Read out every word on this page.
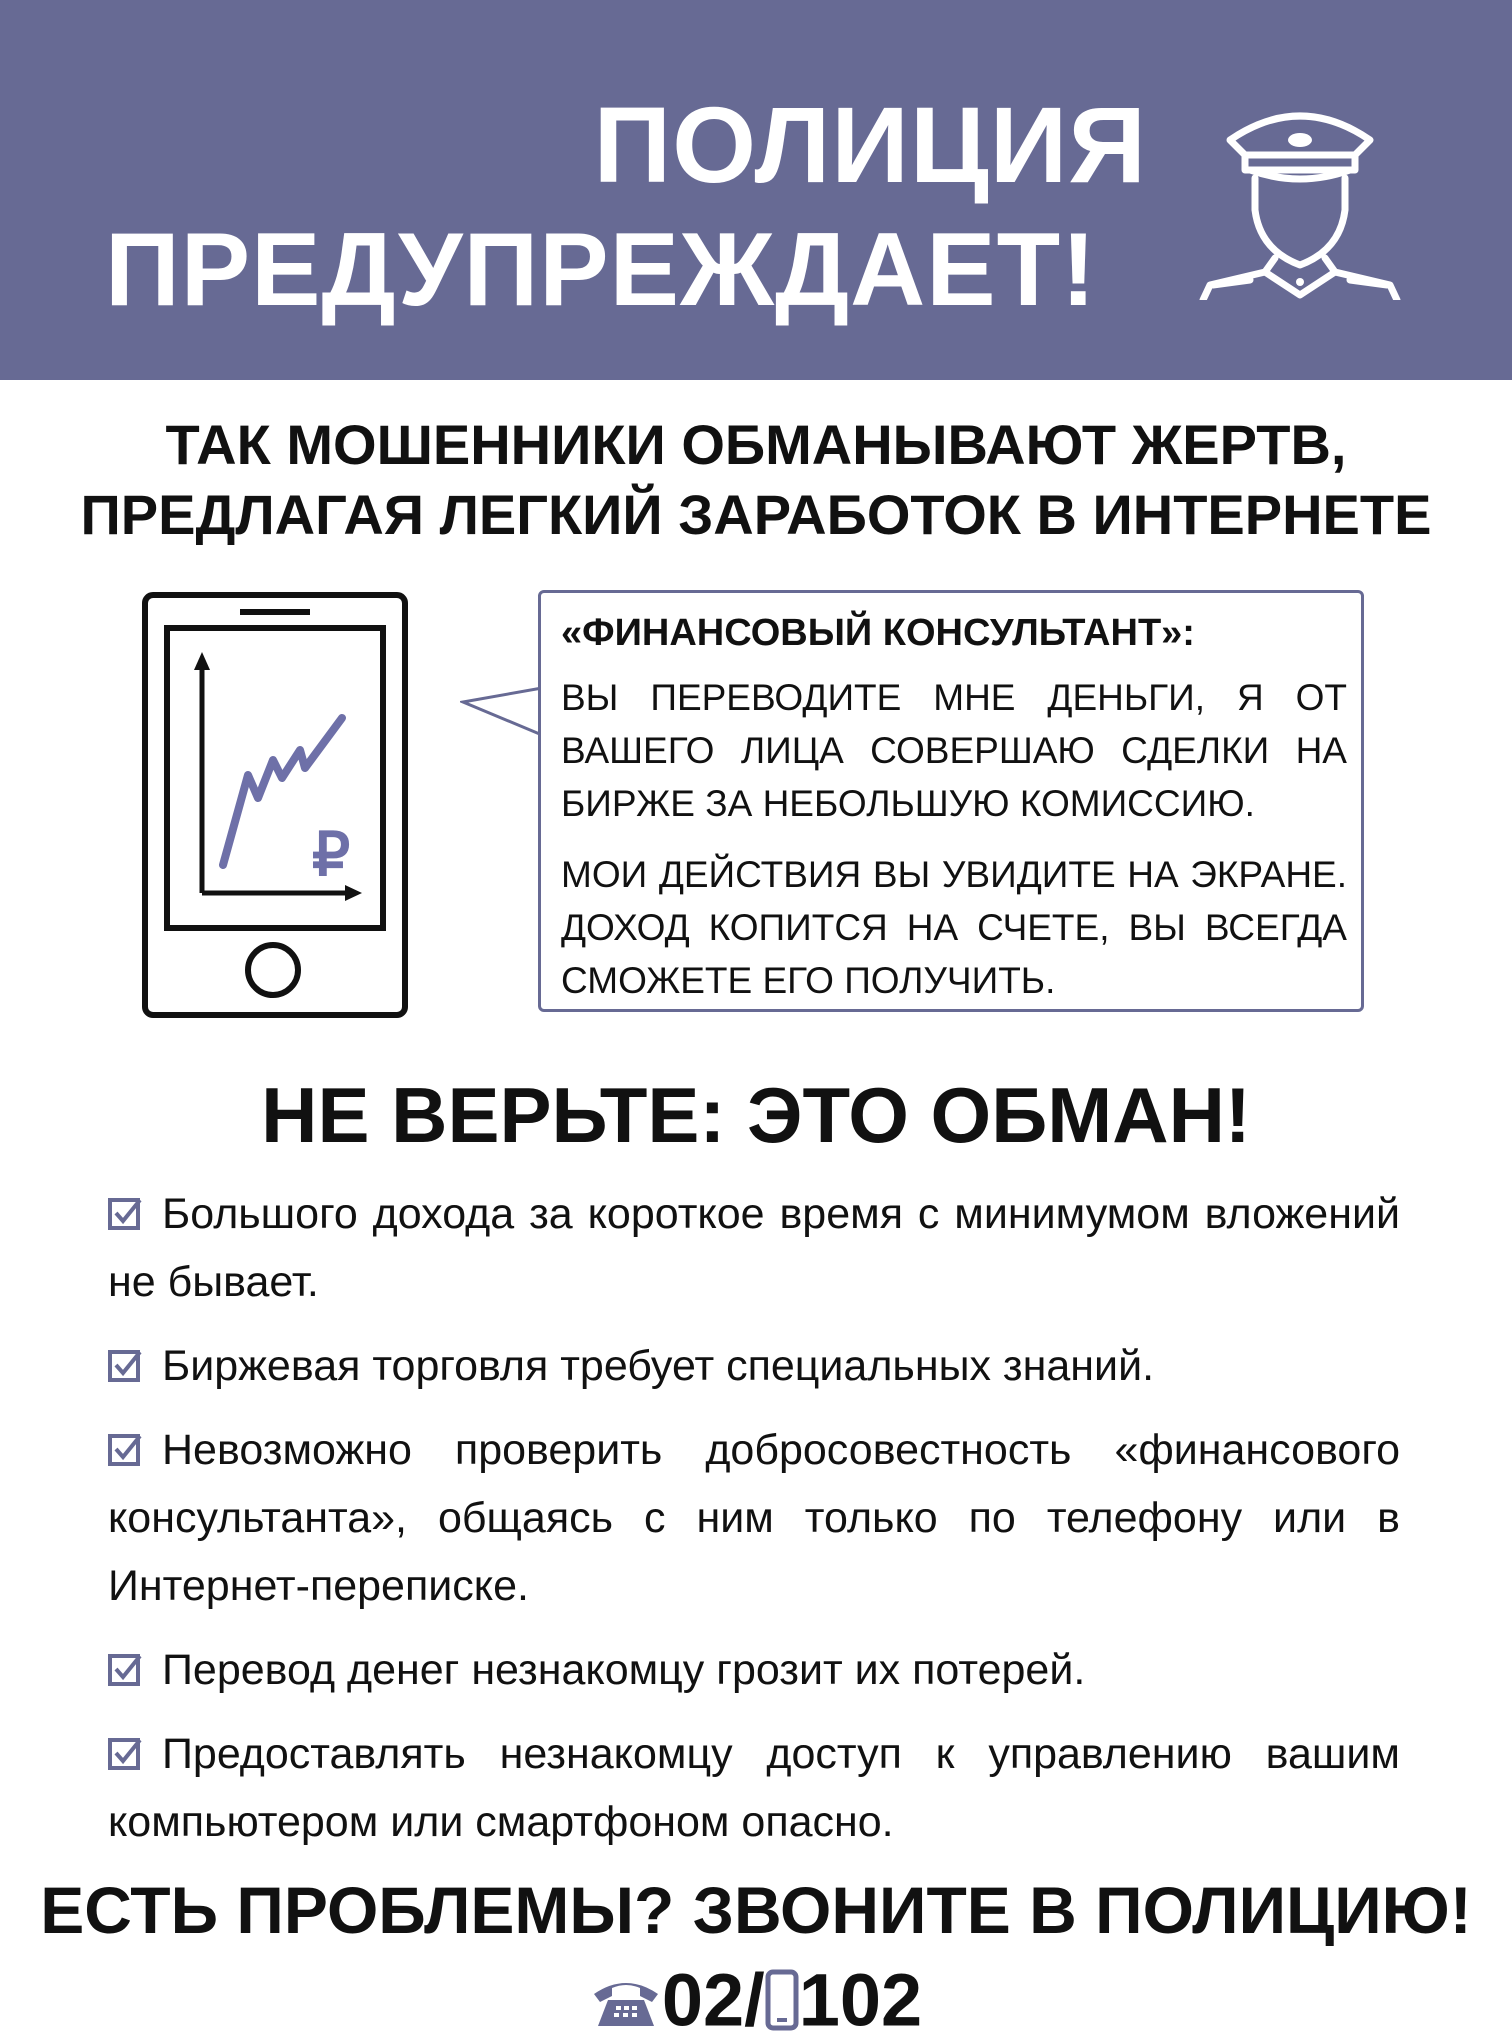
ПОЛИЦИЯ
ПРЕДУПРЕЖДАЕТ!
ТАК МОШЕННИКИ ОБМАНЫВАЮТ ЖЕРТВ,
ПРЕДЛАГАЯ ЛЕГКИЙ ЗАРАБОТОК В ИНТЕРНЕТЕ
₽
«ФИНАНСОВЫЙ КОНСУЛЬТАНТ»:
ВЫ ПЕРЕВОДИТЕ МНЕ ДЕНЬГИ, Я ОТ ВАШЕГО ЛИЦА СОВЕРШАЮ СДЕЛКИ НА БИРЖЕ ЗА НЕБОЛЬШУЮ КОМИССИЮ.
МОИ ДЕЙСТВИЯ ВЫ УВИДИТЕ НА ЭКРАНЕ. ДОХОД КОПИТСЯ НА СЧЕТЕ, ВЫ ВСЕГДА СМОЖЕТЕ ЕГО ПОЛУЧИТЬ.
НЕ ВЕРЬТЕ: ЭТО ОБМАН!
Большого дохода за короткое время с минимумом вложений не бывает.
Биржевая торговля требует специальных знаний.
Невозможно проверить добросовестность «финансового консультанта», общаясь с ним только по телефону или в Интернет-переписке.
Перевод денег незнакомцу грозит их потерей.
Предоставлять незнакомцу доступ к управлению вашим компьютером или смартфоном опасно.
ЕСТЬ ПРОБЛЕМЫ? ЗВОНИТЕ В ПОЛИЦИЮ!
02/ 102
